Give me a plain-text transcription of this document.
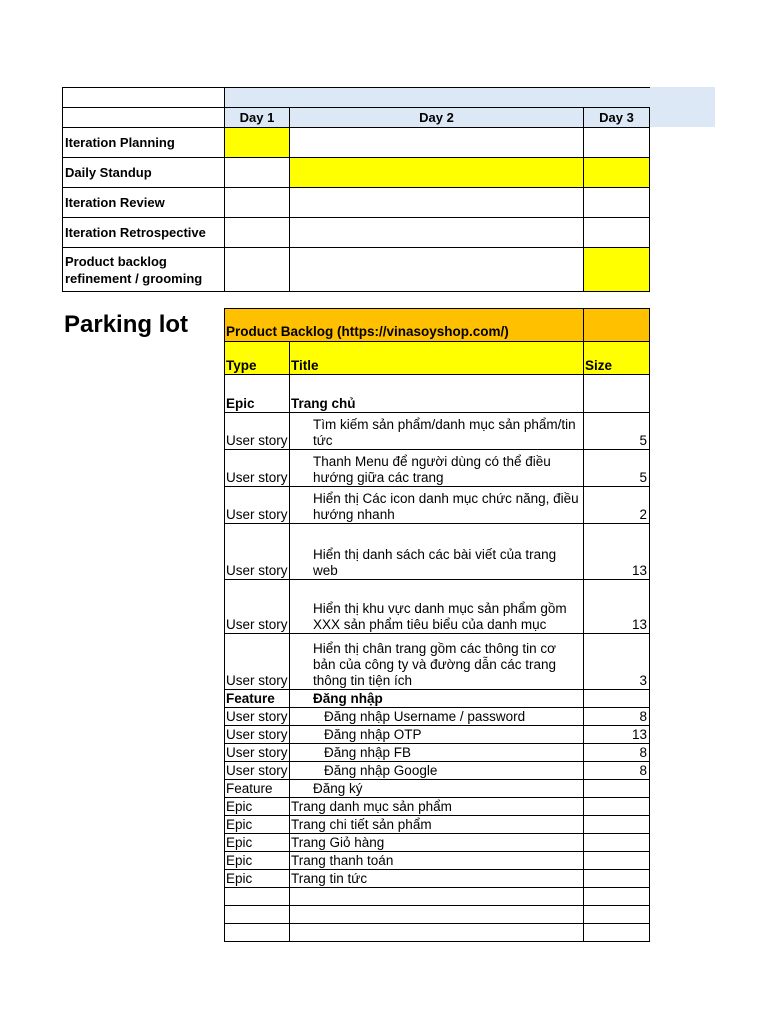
	Day 1	Day 2	Day 3
Iteration Planning			
Daily Standup			
Iteration Review			
Iteration Retrospective			
Product backlog refinement / grooming			
Parking lot	Product Backlog (https://vinasoyshop.com/)		
Type	Title	Size
Epic	Trang chủ	
User story	Tìm kiếm sản phẩm/danh mục sản phẩm/tin tức	5
User story	Thanh Menu để người dùng có thể điều hướng giữa các trang	5
User story	Hiển thị Các icon danh mục chức năng, điều hướng nhanh	2
User story	Hiển thị danh sách các bài viết của trang web	13
User story	Hiển thị khu vực danh mục sản phẩm gồm XXX sản phẩm tiêu biểu của danh mục	13
User story	Hiển thị chân trang gồm các thông tin cơ bản của công ty và đường dẫn các trang thông tin tiện ích	3
Feature	Đăng nhập	
User story	Đăng nhập Username / password	8
User story	Đăng nhập OTP	13
User story	Đăng nhập FB	8
User story	Đăng nhập Google	8
Feature	Đăng ký	
Epic	Trang danh mục sản phẩm	
Epic	Trang chi tiết sản phẩm	
Epic	Trang Giỏ hàng	
Epic	Trang thanh toán	
Epic	Trang tin tức	
